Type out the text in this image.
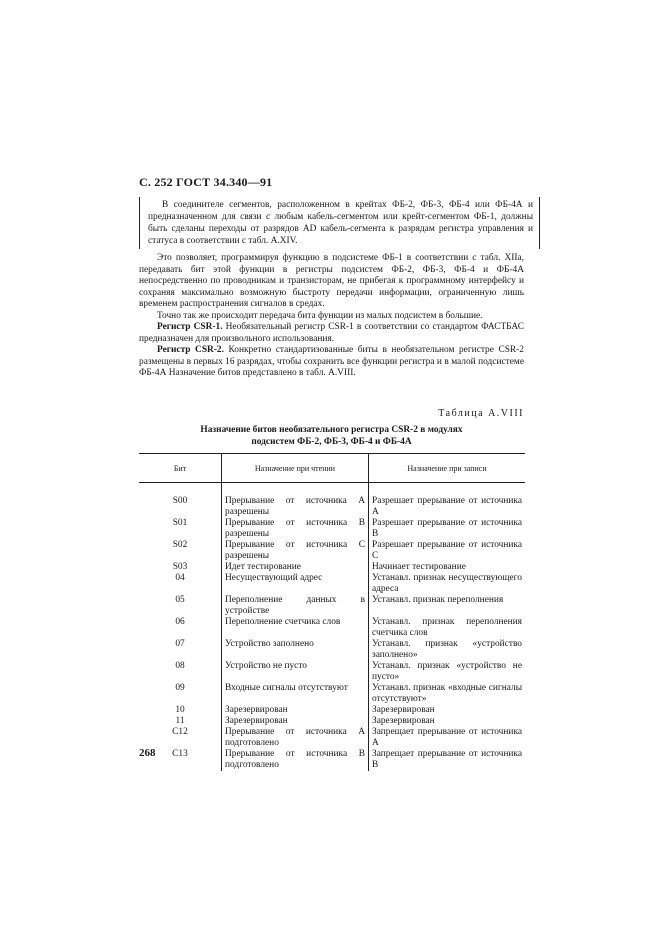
С. 252 ГОСТ 34.340—91

В соединителе сегментов, расположенном в крейтах ФБ-2, ФБ-3, ФБ-4 или ФБ-4А и предназначенном для связи с любым кабель-сегментом или крейт-сегментом ФБ-1, должны быть сделаны переходы от разрядов AD кабель-сегмента к разрядам регистра управления и статуса в соответствии с табл. A.XIV.

Это позволяет, программируя функцию в подсистеме ФБ-1 в соответствии с табл. XIIа, передавать бит этой функции в регистры подсистем ФБ-2, ФБ-3, ФБ-4 и ФБ-4А непосредственно по проводникам и транзисторам, не прибегая к программному интерфейсу и сохраняя максимально возможную быстроту передачи информации, ограниченную лишь временем распространения сигналов в средах.

Точно так же происходит передача бита функции из малых подсистем в большие.

Регистр CSR-1. Необязательный регистр CSR-1 в соответствии со стандартом ФАСТБАС предназначен для произвольного использования.

Регистр CSR-2. Конкретно стандартизованные биты в необязательном регистре CSR-2 размещены в первых 16 разрядах, чтобы сохранить все функции регистра и в малой подсистеме ФБ-4А Назначение битов представлено в табл. A.VIII.

Таблица A.VIII
Назначение битов необязательного регистра CSR-2 в модулях
подсистем ФБ-2, ФБ-3, ФБ-4 и ФБ-4А
Бит	Назначение при чтении	Назначение при записи

S00	Прерывание от источника А разрешены	Разрешает прерывание от источника А
S01	Прерывание от источника В разрешены	Разрешает прерывание от источника В
S02	Прерывание от источника С разрешены	Разрешает прерывание от источника С
S03	Идет тестирование	Начинает тестирование
04	Несуществующий адрес	Устанавл. признак несуществующего адреса
05	Переполнение данных в устройстве	Устанавл. признак переполнения
06	Переполнение счетчика слов	Устанавл. признак переполнения счетчика слов
07	Устройство заполнено	Устанавл. признак «устройство заполнено»
08	Устройство не пусто	Устанавл. признак «устройство не пусто»
09	Входные сигналы отсутствуют	Устанавл. признак «входные сигналы отсутствуют»
10	Зарезервирован	Зарезервирован
11	Зарезервирован	Зарезервирован
C12	Прерывание от источника А подготовлено	Запрещает прерывание от источника А
C13	Прерывание от источника В подготовлено	Запрещает прерывание от источника В
268
